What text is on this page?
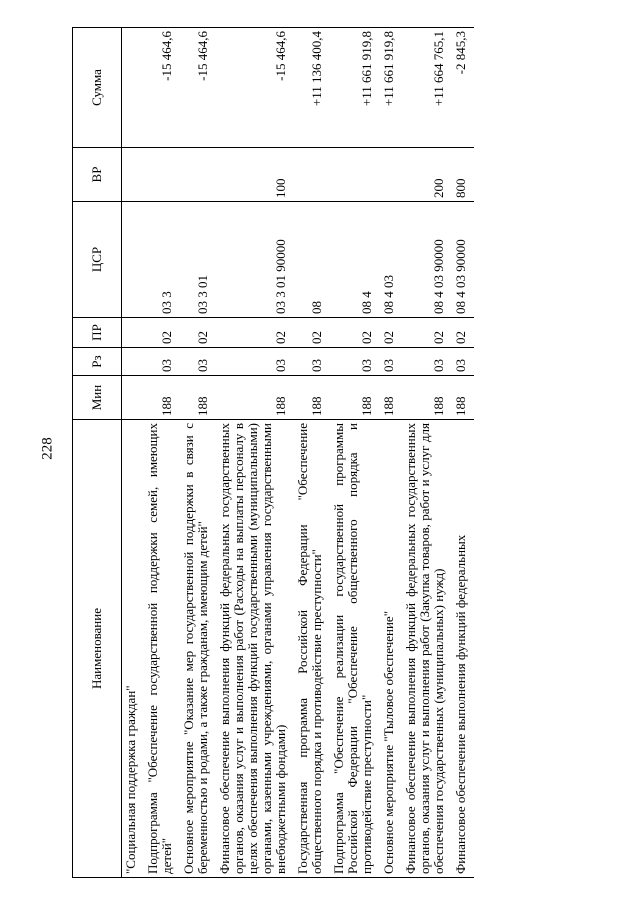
228
Наименование	Мин	Рз	ПР	ЦСР	ВР	Сумма
"Социальная поддержка граждан"						
Подпрограмма "Обеспечение государственной поддержки семей, имеющих детей"	188	03	02	03 3		-15 464,6
Основное мероприятие "Оказание мер государственной поддержки в связи с беременностью и родами, а также гражданам, имеющим детей"	188	03	02	03 3 01		-15 464,6
Финансовое обеспечение выполнения функций федеральных государственных органов, оказания услуг и выполнения работ (Расходы на выплаты персоналу в целях обеспечения выполнения функций государственными (муниципальными) органами, казенными учреждениями, органами управления государственными внебюджетными фондами)	188	03	02	03 3 01 90000	100	-15 464,6
Государственная программа Российской Федерации "Обеспечение общественного порядка и противодействие преступности"	188	03	02	08		+11 136 400,4
Подпрограмма "Обеспечение реализации государственной программы Российской Федерации "Обеспечение общественного порядка и противодействие преступности"	188	03	02	08 4		+11 661 919,8
Основное мероприятие "Тыловое обеспечение"	188	03	02	08 4 03		+11 661 919,8
Финансовое обеспечение выполнения функций федеральных государственных органов, оказания услуг и выполнения работ (Закупка товаров, работ и услуг для обеспечения государственных (муниципальных) нужд)	188	03	02	08 4 03 90000	200	+11 664 765,1
Финансовое обеспечение выполнения функций федеральных	188	03	02	08 4 03 90000	800	-2 845,3
